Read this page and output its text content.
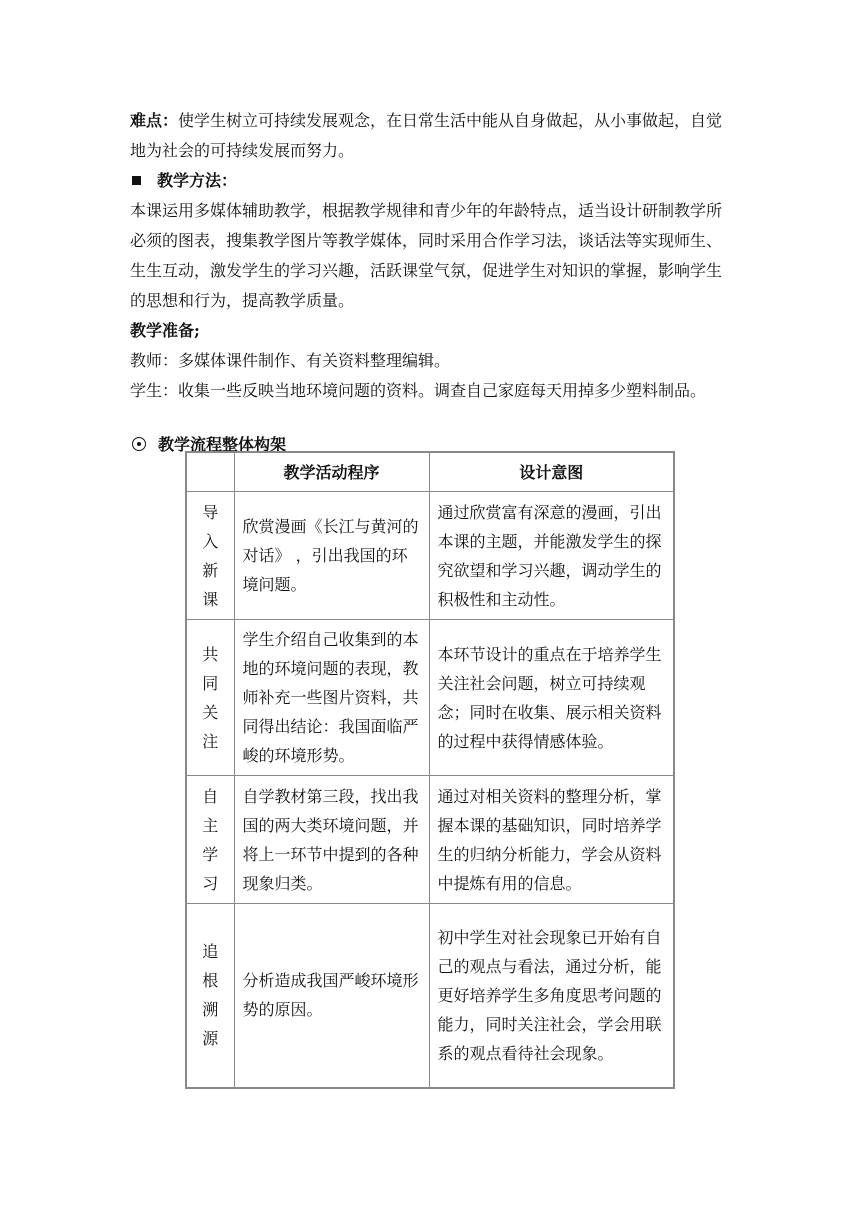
难点：使学生树立可持续发展观念，在日常生活中能从自身做起，从小事做起，自觉地为社会的可持续发展而努力。

教学方法：

本课运用多媒体辅助教学，根据教学规律和青少年的年龄特点，适当设计研制教学所必须的图表，搜集教学图片等教学媒体，同时采用合作学习法，谈话法等实现师生、生生互动，激发学生的学习兴趣，活跃课堂气氛，促进学生对知识的掌握，影响学生的思想和行为，提高教学质量。

教学准备;

教师：多媒体课件制作、有关资料整理编辑。

学生：收集一些反映当地环境问题的资料。调查自己家庭每天用掉多少塑料制品。

教学流程整体构架

	教学活动程序	设计意图
导入新课	欣赏漫画《长江与黄河的对话》 ，引出我国的环境问题。	通过欣赏富有深意的漫画，引出本课的主题，并能激发学生的探究欲望和学习兴趣，调动学生的积极性和主动性。
共同关注	学生介绍自己收集到的本地的环境问题的表现，教师补充一些图片资料，共同得出结论：我国面临严峻的环境形势。	本环节设计的重点在于培养学生关注社会问题，树立可持续观念；同时在收集、展示相关资料的过程中获得情感体验。
自主学习	自学教材第三段，找出我国的两大类环境问题，并将上一环节中提到的各种现象归类。	通过对相关资料的整理分析，掌握本课的基础知识，同时培养学生的归纳分析能力，学会从资料中提炼有用的信息。
追根溯源	分析造成我国严峻环境形势的原因。	初中学生对社会现象已开始有自己的观点与看法，通过分析，能更好培养学生多角度思考问题的能力，同时关注社会，学会用联系的观点看待社会现象。
